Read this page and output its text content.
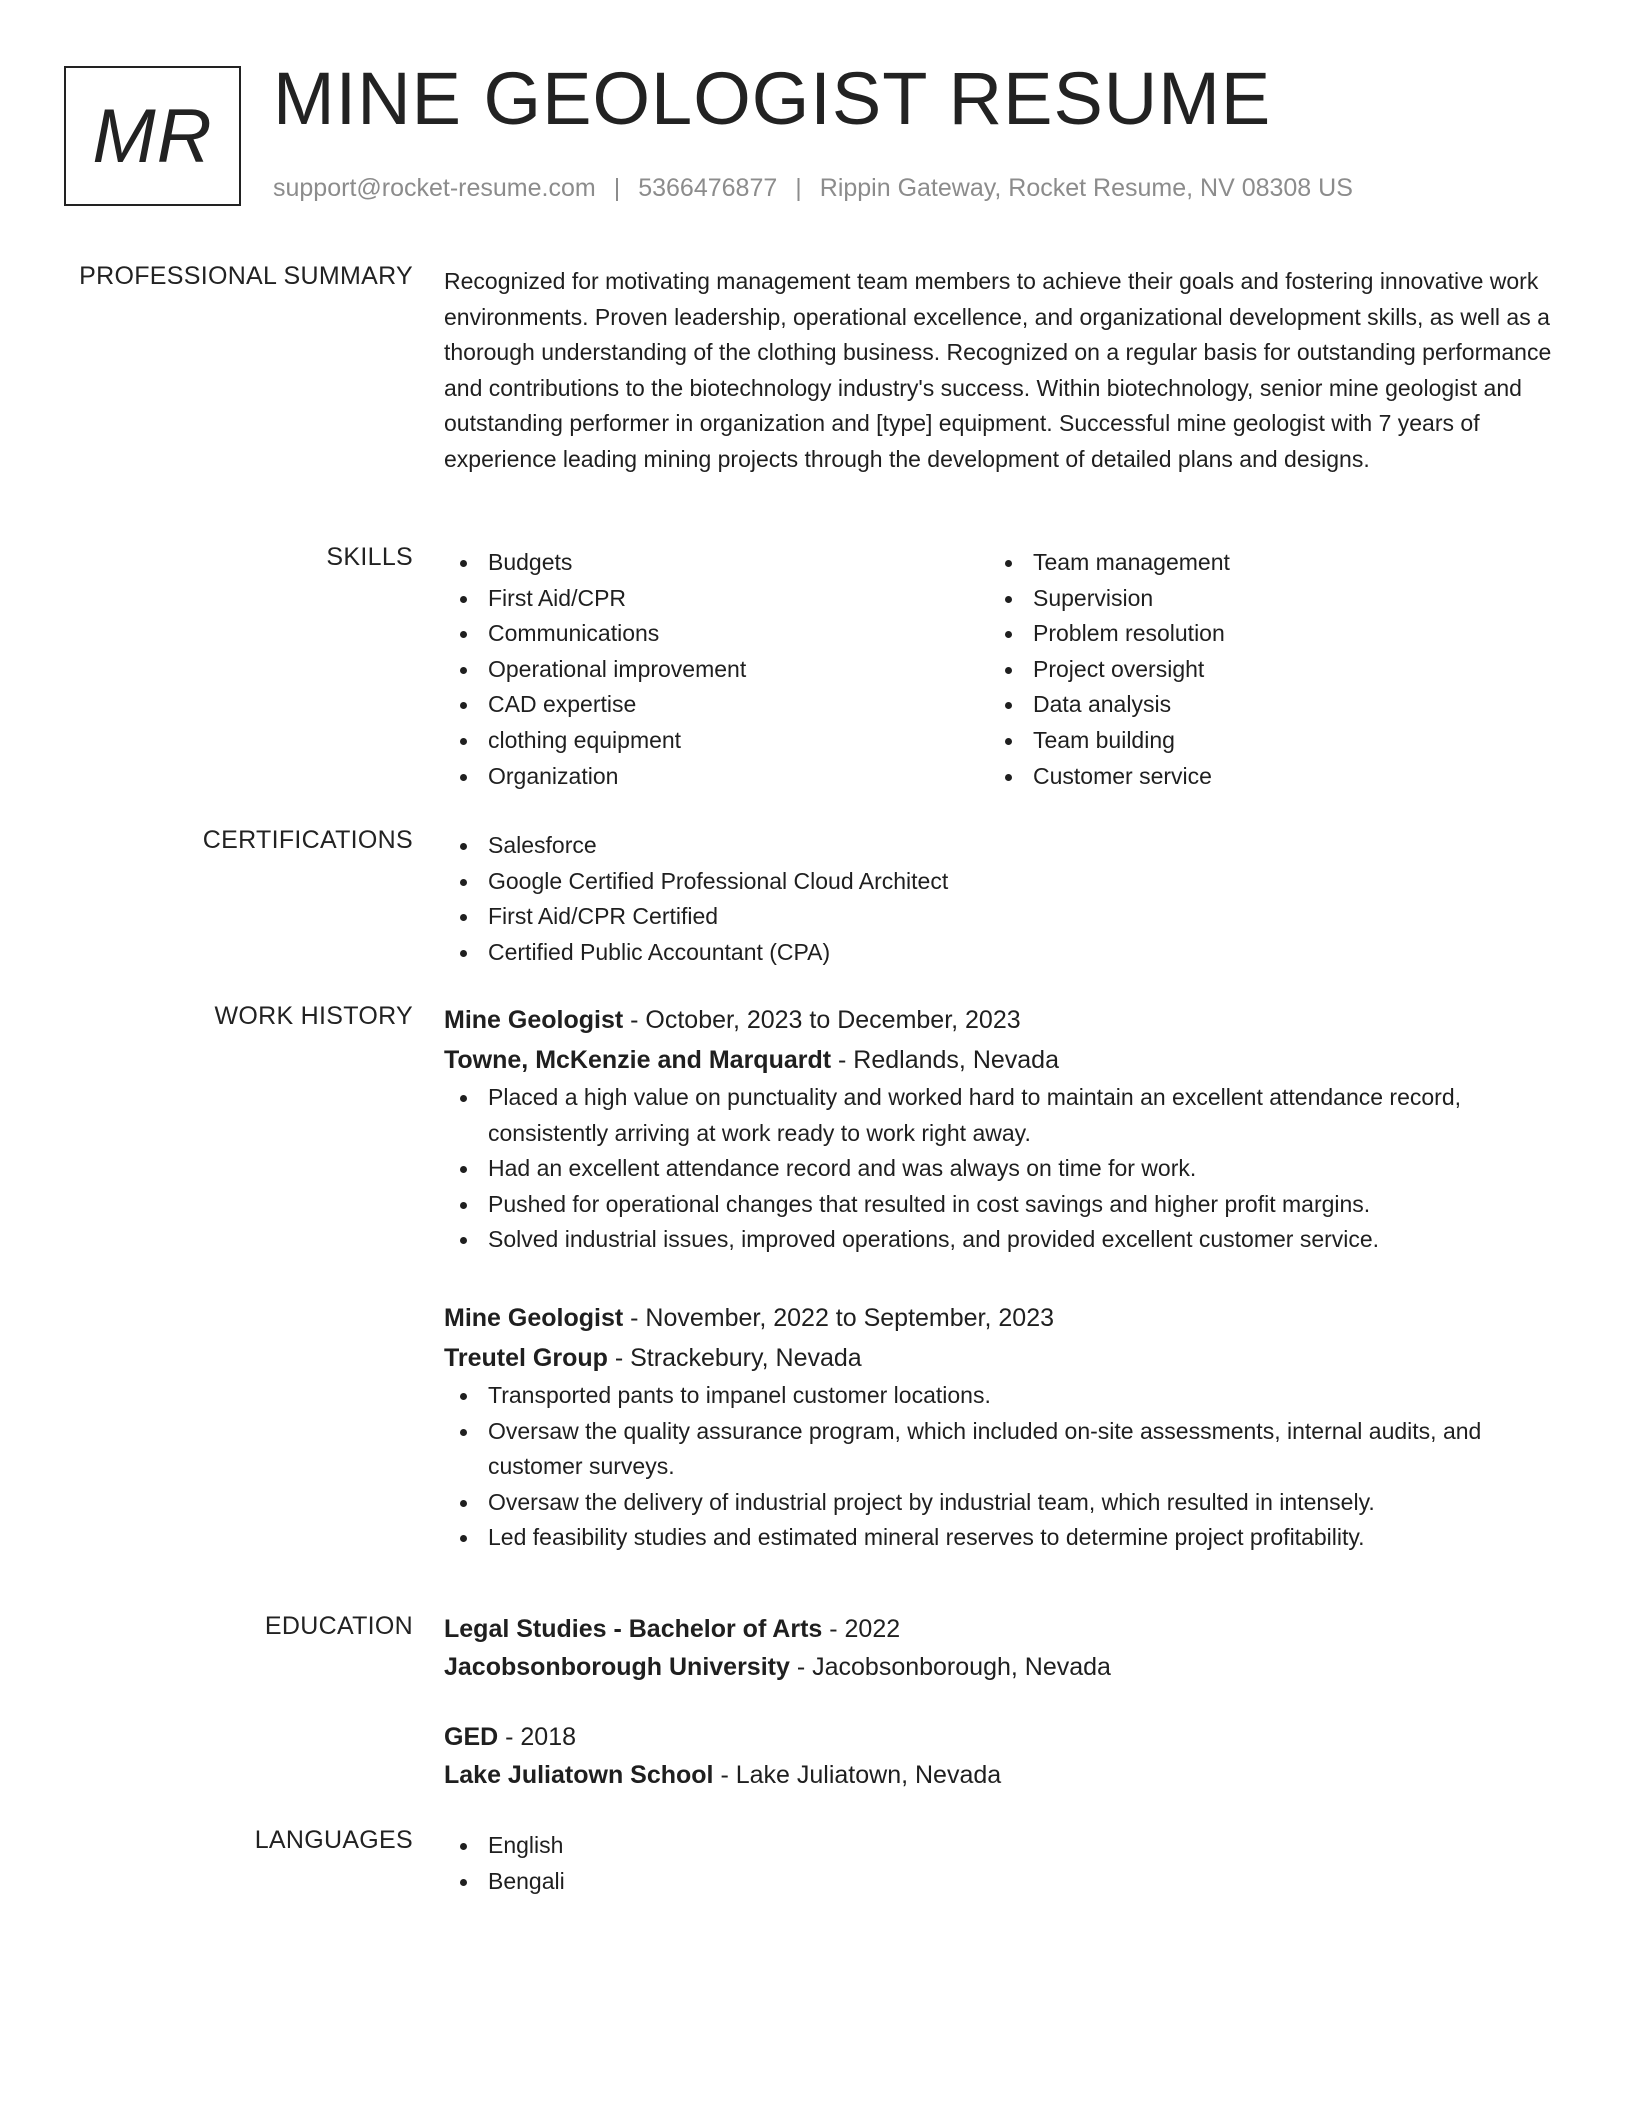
MR MINE GEOLOGIST RESUME
support@rocket-resume.com | 5366476877 | Rippin Gateway, Rocket Resume, NV 08308 US
PROFESSIONAL SUMMARY Recognized for motivating management team members to achieve their goals and fostering innovative work environments. Proven leadership, operational excellence, and organizational development skills, as well as a thorough understanding of the clothing business. Recognized on a regular basis for outstanding performance and contributions to the biotechnology industry's success. Within biotechnology, senior mine geologist and outstanding performer in organization and [type] equipment. Successful mine geologist with 7 years of experience leading mining projects through the development of detailed plans and designs.

SKILLS	Budgets
First Aid/CPR
Communications
Operational improvement
CAD expertise
clothing equipment
Organization
Team management
Supervision
Problem resolution
Project oversight
Data analysis
Team building
Customer service
CERTIFICATIONS	Salesforce
Google Certified Professional Cloud Architect
First Aid/CPR Certified
Certified Public Accountant (CPA)
WORK HISTORY Mine Geologist - October, 2023 to December, 2023
Towne, McKenzie and Marquardt - Redlands, Nevada
Placed a high value on punctuality and worked hard to maintain an excellent attendance record, consistently arriving at work ready to work right away.
Had an excellent attendance record and was always on time for work.
Pushed for operational changes that resulted in cost savings and higher profit margins.
Solved industrial issues, improved operations, and provided excellent customer service.
Mine Geologist - November, 2022 to September, 2023
Treutel Group - Strackebury, Nevada
Transported pants to impanel customer locations.
Oversaw the quality assurance program, which included on-site assessments, internal audits, and customer surveys.
Oversaw the delivery of industrial project by industrial team, which resulted in intensely.
Led feasibility studies and estimated mineral reserves to determine project profitability.
EDUCATION Legal Studies - Bachelor of Arts - 2022
Jacobsonborough University - Jacobsonborough, Nevada
GED - 2018
Lake Juliatown School - Lake Juliatown, Nevada
LANGUAGES	English
Bengali
